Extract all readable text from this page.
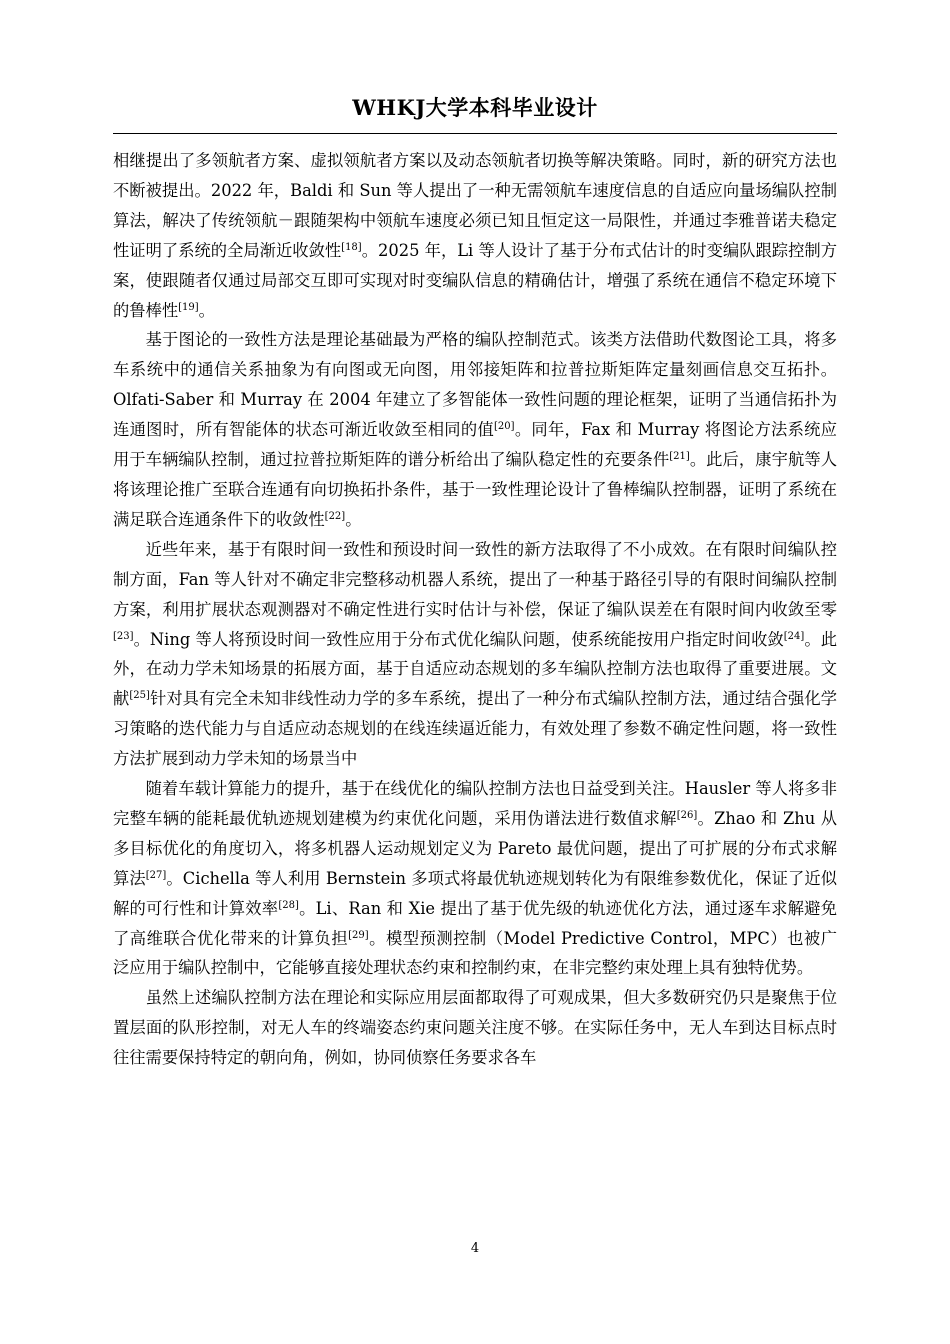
WHKJ大学本科毕业设计

相继提出了多领航者方案、虚拟领航者方案以及动态领航者切换等解决策略。同时，新的研究方法也不断被提出。2022 年，Baldi 和 Sun 等人提出了一种无需领航车速度信息的自适应向量场编队控制算法，解决了传统领航－跟随架构中领航车速度必须已知且恒定这一局限性，并通过李雅普诺夫稳定性证明了系统的全局渐近收敛性[18]。2025 年，Li 等人设计了基于分布式估计的时变编队跟踪控制方案，使跟随者仅通过局部交互即可实现对时变编队信息的精确估计，增强了系统在通信不稳定环境下的鲁棒性[19]。

基于图论的一致性方法是理论基础最为严格的编队控制范式。该类方法借助代数图论工具，将多车系统中的通信关系抽象为有向图或无向图，用邻接矩阵和拉普拉斯矩阵定量刻画信息交互拓扑。Olfati-Saber 和 Murray 在 2004 年建立了多智能体一致性问题的理论框架，证明了当通信拓扑为连通图时，所有智能体的状态可渐近收敛至相同的值[20]。同年，Fax 和 Murray 将图论方法系统应用于车辆编队控制，通过拉普拉斯矩阵的谱分析给出了编队稳定性的充要条件[21]。此后，康宇航等人将该理论推广至联合连通有向切换拓扑条件，基于一致性理论设计了鲁棒编队控制器，证明了系统在满足联合连通条件下的收敛性[22]。

近些年来，基于有限时间一致性和预设时间一致性的新方法取得了不小成效。在有限时间编队控制方面，Fan 等人针对不确定非完整移动机器人系统，提出了一种基于路径引导的有限时间编队控制方案，利用扩展状态观测器对不确定性进行实时估计与补偿，保证了编队误差在有限时间内收敛至零[23]。Ning 等人将预设时间一致性应用于分布式优化编队问题，使系统能按用户指定时间收敛[24]。此外，在动力学未知场景的拓展方面，基于自适应动态规划的多车编队控制方法也取得了重要进展。文献[25]针对具有完全未知非线性动力学的多车系统，提出了一种分布式编队控制方法，通过结合强化学习策略的迭代能力与自适应动态规划的在线连续逼近能力，有效处理了参数不确定性问题，将一致性方法扩展到动力学未知的场景当中

随着车载计算能力的提升，基于在线优化的编队控制方法也日益受到关注。Hausler 等人将多非完整车辆的能耗最优轨迹规划建模为约束优化问题，采用伪谱法进行数值求解[26]。Zhao 和 Zhu 从多目标优化的角度切入，将多机器人运动规划定义为 Pareto 最优问题，提出了可扩展的分布式求解算法[27]。Cichella 等人利用 Bernstein 多项式将最优轨迹规划转化为有限维参数优化，保证了近似解的可行性和计算效率[28]。Li、Ran 和 Xie 提出了基于优先级的轨迹优化方法，通过逐车求解避免了高维联合优化带来的计算负担[29]。模型预测控制（Model Predictive Control，MPC）也被广泛应用于编队控制中，它能够直接处理状态约束和控制约束，在非完整约束处理上具有独特优势。

虽然上述编队控制方法在理论和实际应用层面都取得了可观成果，但大多数研究仍只是聚焦于位置层面的队形控制，对无人车的终端姿态约束问题关注度不够。在实际任务中，无人车到达目标点时往往需要保持特定的朝向角，例如，协同侦察任务要求各车

4
